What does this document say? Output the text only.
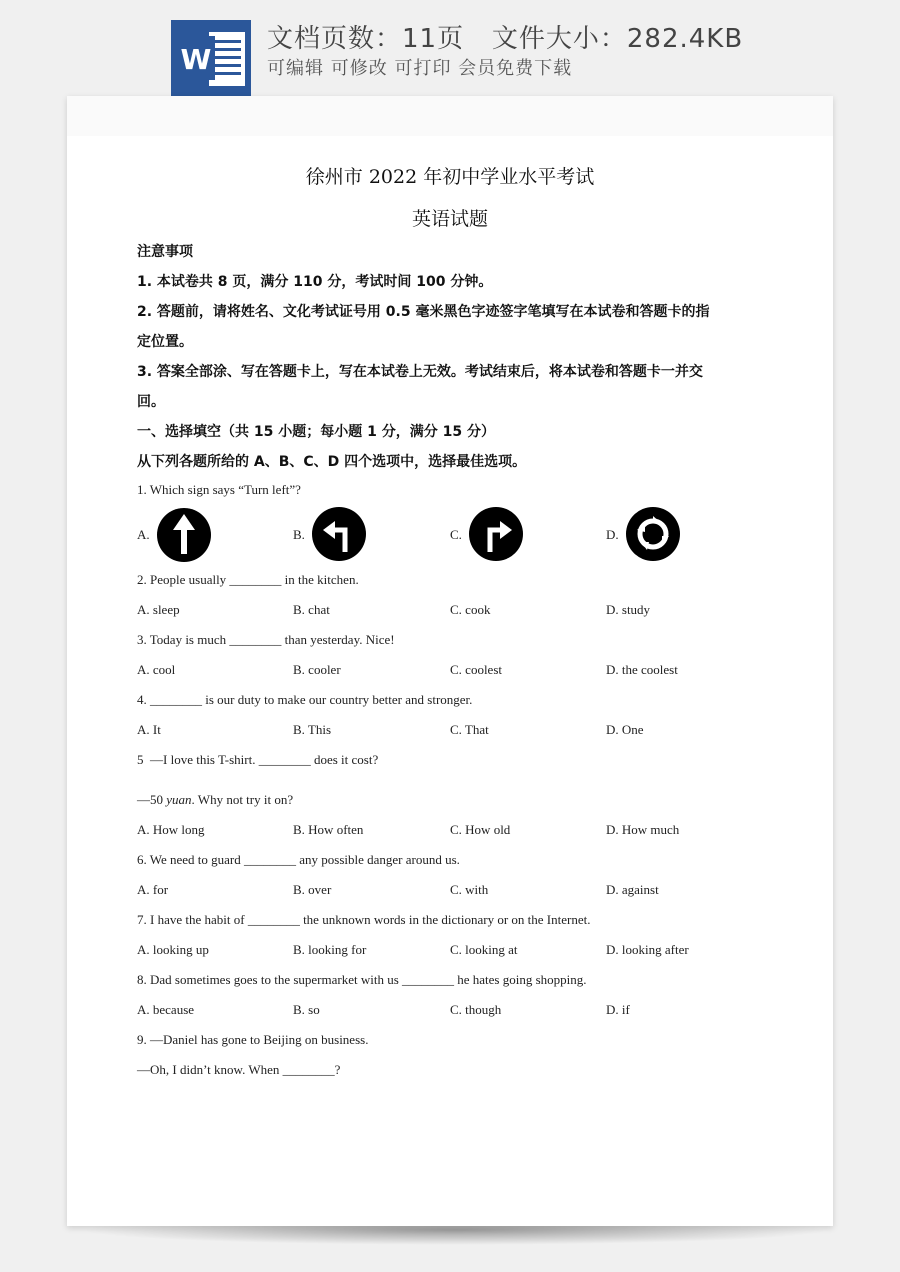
W
文档页数：11页   文件大小：282.4KB
可编辑 可修改 可打印 会员免费下载
徐州市 2022 年初中学业水平考试
英语试题
注意事项
1. 本试卷共 8 页，满分 110 分，考试时间 100 分钟。
2. 答题前，请将姓名、文化考试证号用 0.5 毫米黑色字迹签字笔填写在本试卷和答题卡的指
定位置。
3. 答案全部涂、写在答题卡上，写在本试卷上无效。考试结束后，将本试卷和答题卡一并交
回。
一、选择填空（共 15 小题；每小题 1 分，满分 15 分）
从下列各题所给的 A、B、C、D 四个选项中，选择最佳选项。
1. Which sign says “Turn left”?
A.	B.	C.	D.
2. People usually ________ in the kitchen.
A. sleep	B. chat	C. cook	D. study
3. Today is much ________ than yesterday. Nice!
A. cool	B. cooler	C. coolest	D. the coolest
4. ________ is our duty to make our country better and stronger.
A. It	B. This	C. That	D. One
5  —I love this T-shirt. ________ does it cost?
—50 yuan. Why not try it on?
A. How long	B. How often	C. How old	D. How much
6. We need to guard ________ any possible danger around us.
A. for	B. over	C. with	D. against
7. I have the habit of ________ the unknown words in the dictionary or on the Internet.
A. looking up	B. looking for	C. looking at	D. looking after
8. Dad sometimes goes to the supermarket with us ________ he hates going shopping.
A. because	B. so	C. though	D. if
9. —Daniel has gone to Beijing on business.
—Oh, I didn’t know. When ________?
